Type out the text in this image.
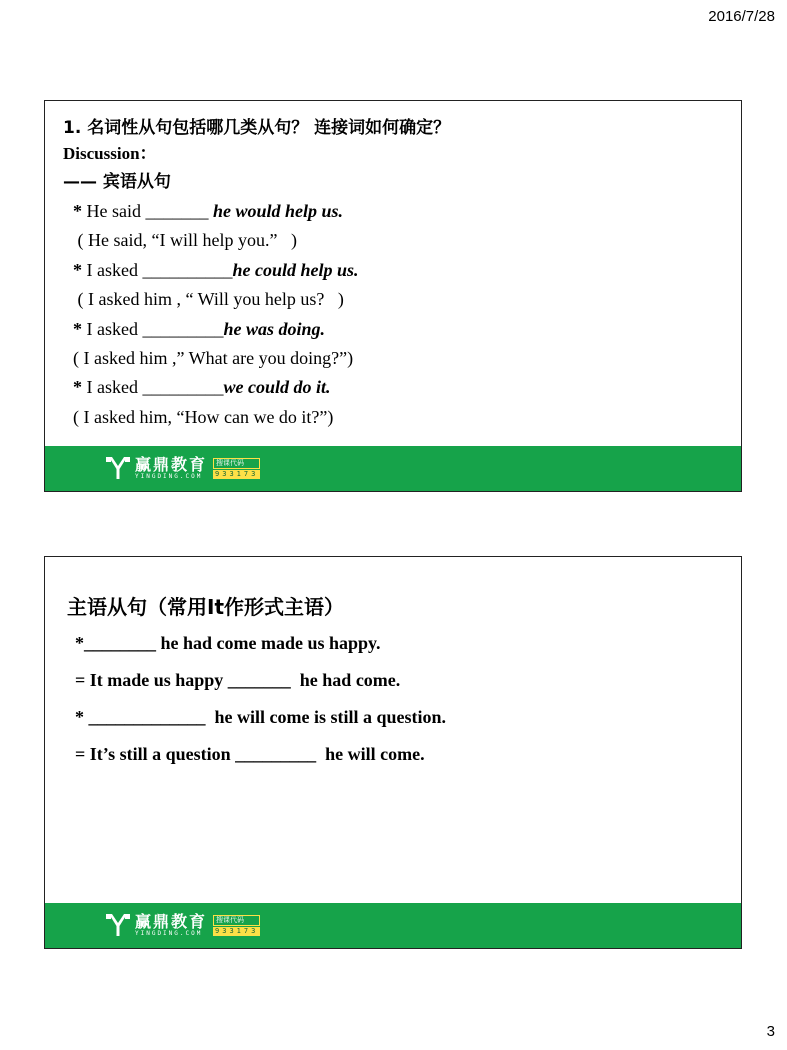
2016/7/28
1. 名词性从句包括哪几类从句？ 连接词如何确定？
Discussion：
—— 宾语从句
* He said _______ he would help us.
( He said, “I will help you.”   )
* I asked __________he could help us.
( I asked him , “ Will you help us?   )
* I asked _________he was doing.
( I asked him ,” What are you doing?”)
* I asked _________we could do it.
( I asked him, “How can we do it?”)
赢鼎教育
YINGDING.COM
搜课代码
933173
主语从句（常用It作形式主语）
*________ he had come made us happy.
= It made us happy _______  he had come.
* _____________  he will come is still a question.
= It’s still a question _________  he will come.
赢鼎教育
YINGDING.COM
搜课代码
933173
3
